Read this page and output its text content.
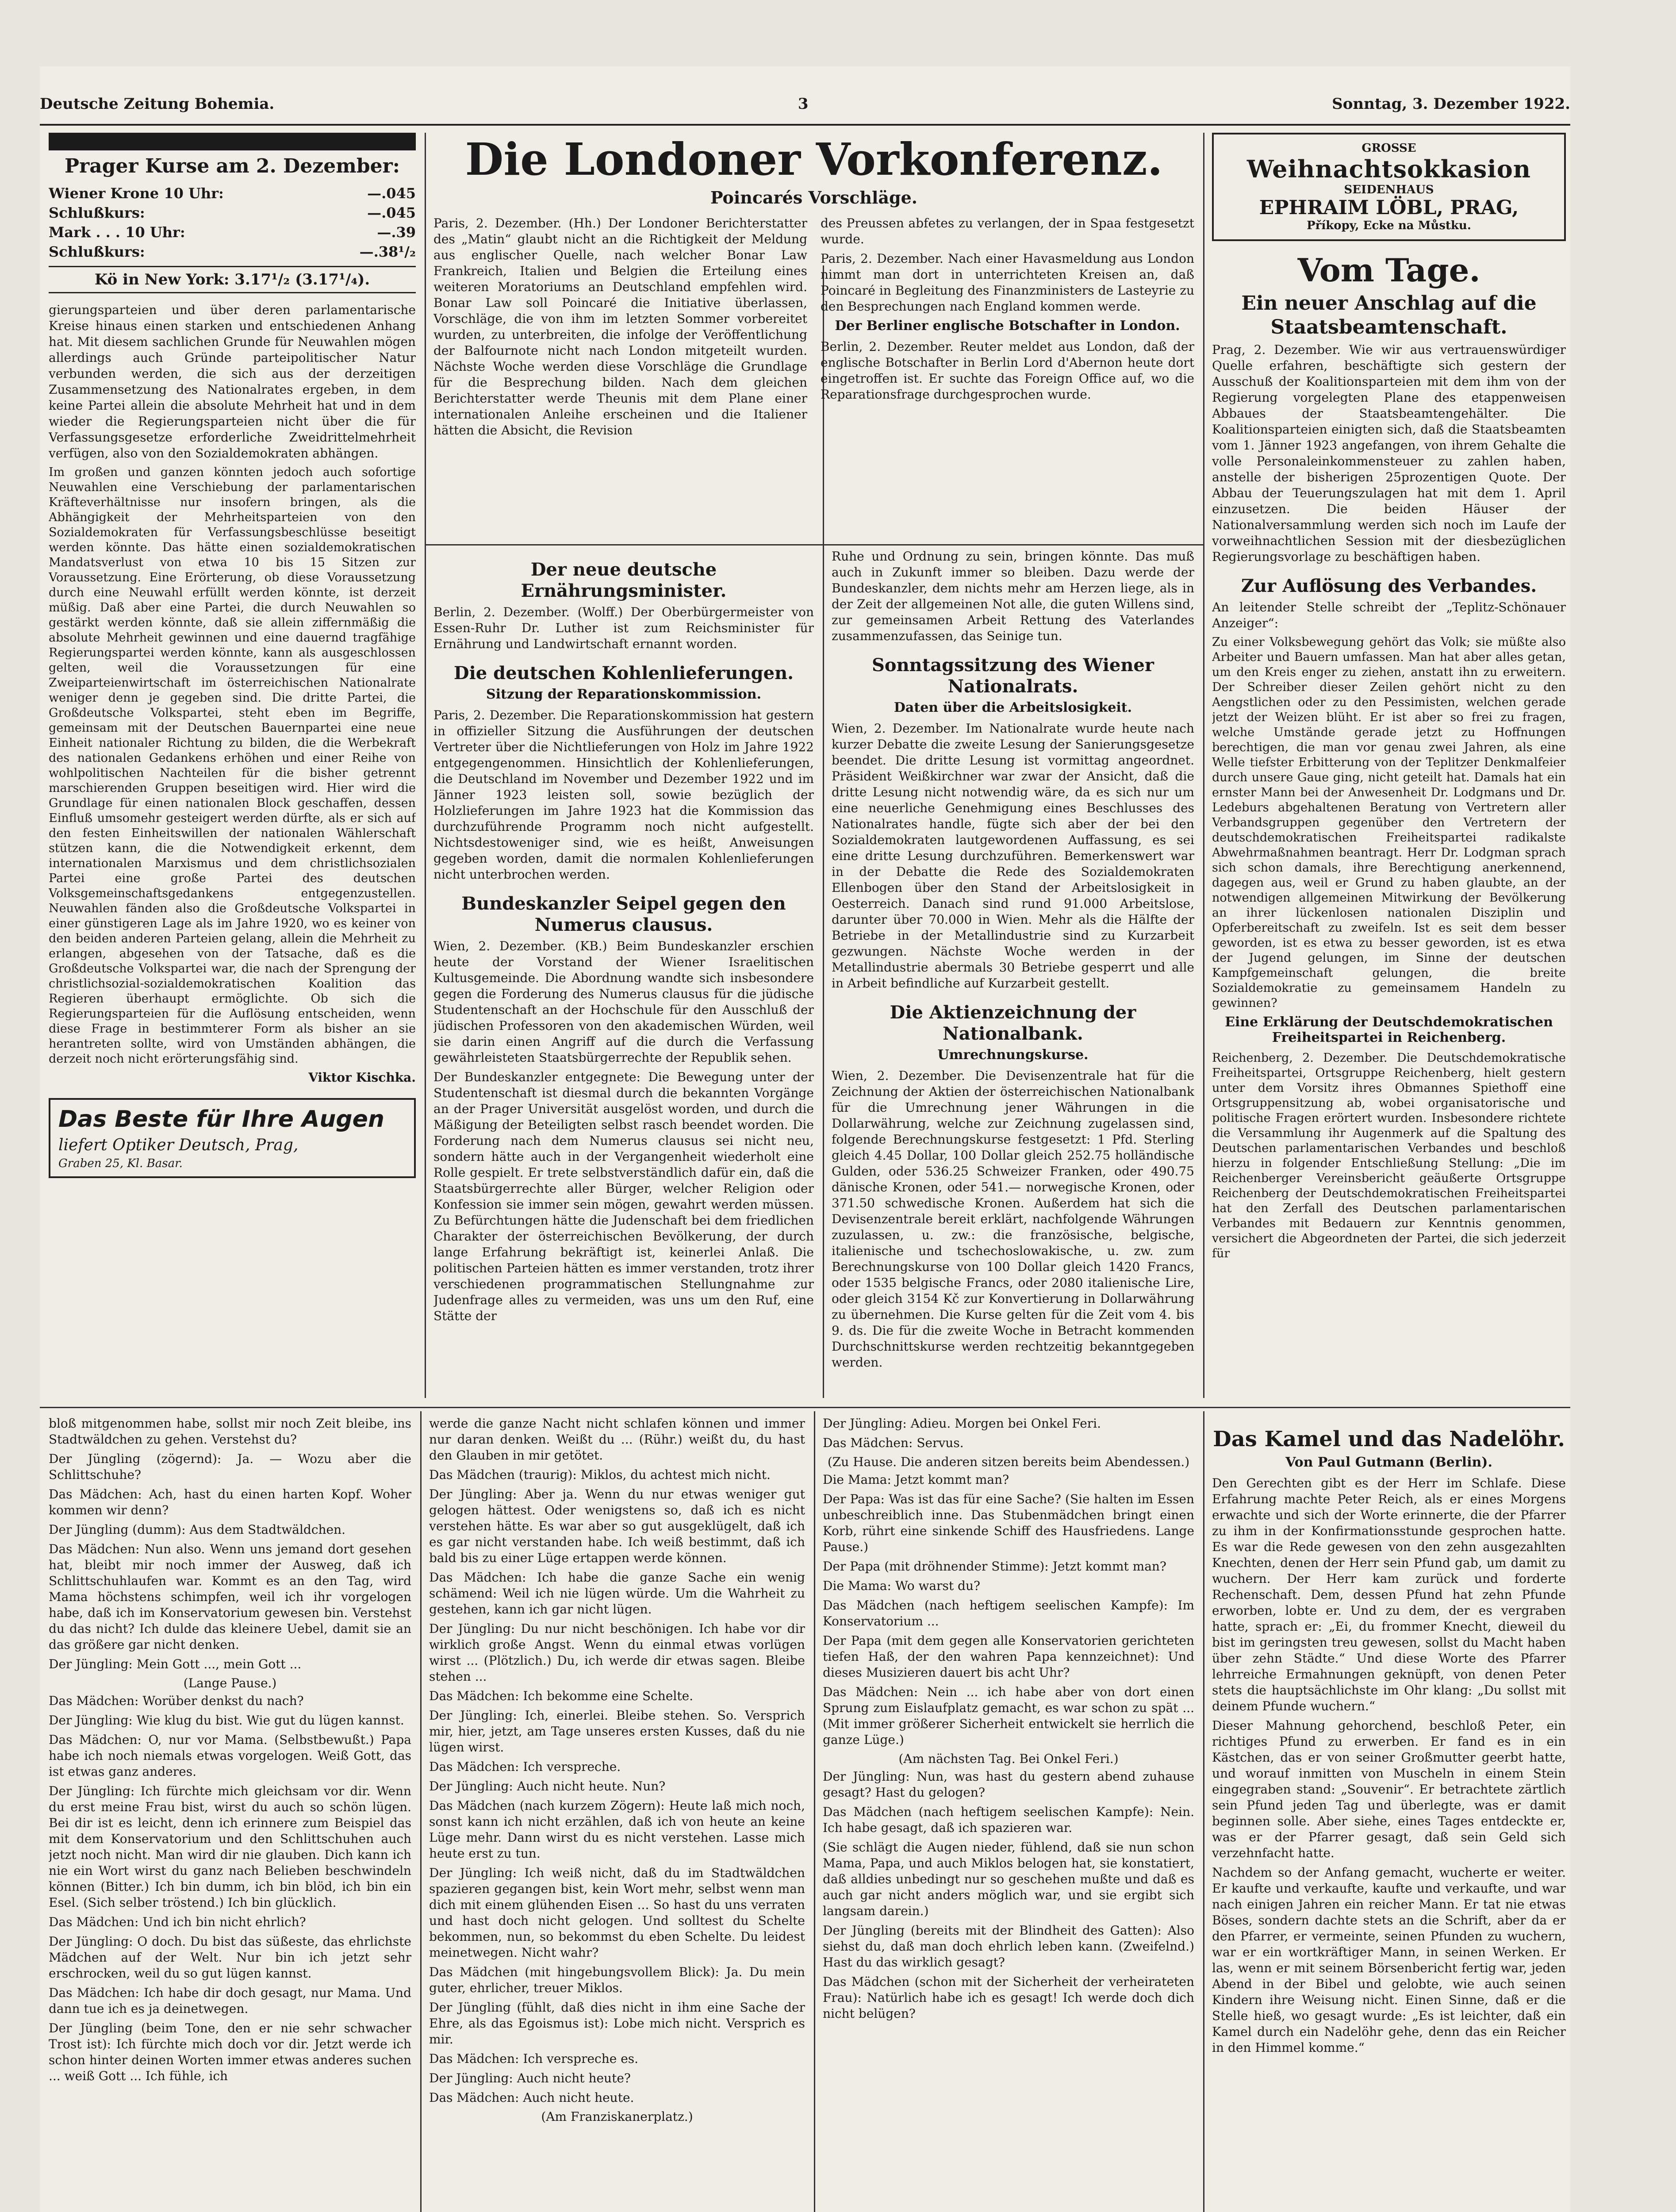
Deutsche Zeitung Bohemia.	3	Sonntag, 3. Dezember 1922.
Prager Kurse am 2. Dezember:
Wiener Krone 10 Uhr:	—.045
Schlußkurs:	—.045
Mark . . . 10 Uhr:	—.39
Schlußkurs:	—.38¹/₂
Kö in New York: 3.17¹/₂ (3.17¹/₄).

gierungsparteien und über deren parlamentarische Kreise hinaus einen starken und entschiedenen Anhang hat. Mit diesem sachlichen Grunde für Neuwahlen mögen allerdings auch Gründe parteipolitischer Natur verbunden werden, die sich aus der derzeitigen Zusammensetzung des Nationalrates ergeben, in dem keine Partei allein die absolute Mehrheit hat und in dem wieder die Regierungsparteien nicht über die für Verfassungsgesetze erforderliche Zweidrittelmehrheit verfügen, also von den Sozialdemokraten abhängen.

Im großen und ganzen könnten jedoch auch sofortige Neuwahlen eine Verschiebung der parlamentarischen Kräfteverhältnisse nur insofern bringen, als die Abhängigkeit der Mehrheitsparteien von den Sozialdemokraten für Verfassungsbeschlüsse beseitigt werden könnte. Das hätte einen sozialdemokratischen Mandatsverlust von etwa 10 bis 15 Sitzen zur Voraussetzung. Eine Erörterung, ob diese Voraussetzung durch eine Neuwahl erfüllt werden könnte, ist derzeit müßig. Daß aber eine Partei, die durch Neuwahlen so gestärkt werden könnte, daß sie allein ziffernmäßig die absolute Mehrheit gewinnen und eine dauernd tragfähige Regierungspartei werden könnte, kann als ausgeschlossen gelten, weil die Voraussetzungen für eine Zweiparteienwirtschaft im österreichischen Nationalrate weniger denn je gegeben sind. Die dritte Partei, die Großdeutsche Volkspartei, steht eben im Begriffe, gemeinsam mit der Deutschen Bauernpartei eine neue Einheit nationaler Richtung zu bilden, die die Werbekraft des nationalen Gedankens erhöhen und einer Reihe von wohlpolitischen Nachteilen für die bisher getrennt marschierenden Gruppen beseitigen wird. Hier wird die Grundlage für einen nationalen Block geschaffen, dessen Einfluß umsomehr gesteigert werden dürfte, als er sich auf den festen Einheitswillen der nationalen Wählerschaft stützen kann, die die Notwendigkeit erkennt, dem internationalen Marxismus und dem christlichsozialen Partei eine große Partei des deutschen Volksgemeinschaftsgedankens entgegenzustellen. Neuwahlen fänden also die Großdeutsche Volkspartei in einer günstigeren Lage als im Jahre 1920, wo es keiner von den beiden anderen Parteien gelang, allein die Mehrheit zu erlangen, abgesehen von der Tatsache, daß es die Großdeutsche Volkspartei war, die nach der Sprengung der christlichsozial-sozialdemokratischen Koalition das Regieren überhaupt ermöglichte. Ob sich die Regierungsparteien für die Auflösung entscheiden, wenn diese Frage in bestimmterer Form als bisher an sie herantreten sollte, wird von Umständen abhängen, die derzeit noch nicht erörterungsfähig sind.

Viktor Kischka.
Das Beste für Ihre Augen
liefert Optiker Deutsch, Prag,
Graben 25, Kl. Basar.
Die Londoner Vorkonferenz.
Poincarés Vorschläge.

Paris, 2. Dezember. (Hh.) Der Londoner Berichterstatter des „Matin“ glaubt nicht an die Richtigkeit der Meldung aus englischer Quelle, nach welcher Bonar Law Frankreich, Italien und Belgien die Erteilung eines weiteren Moratoriums an Deutschland empfehlen wird. Bonar Law soll Poincaré die Initiative überlassen, Vorschläge, die von ihm im letzten Sommer vorbereitet wurden, zu unterbreiten, die infolge der Veröffentlichung der Balfournote nicht nach London mitgeteilt wurden. Nächste Woche werden diese Vorschläge die Grundlage für die Besprechung bilden. Nach dem gleichen Berichterstatter werde Theunis mit dem Plane einer internationalen Anleihe erscheinen und die Italiener hätten die Absicht, die Revision

des Preussen abfetes zu verlangen, der in Spaa festgesetzt wurde.

Paris, 2. Dezember. Nach einer Havasmeldung aus London nimmt man dort in unterrichteten Kreisen an, daß Poincaré in Begleitung des Finanzministers de Lasteyrie zu den Besprechungen nach England kommen werde.

Der Berliner englische Botschafter in London.

Berlin, 2. Dezember. Reuter meldet aus London, daß der englische Botschafter in Berlin Lord d'Abernon heute dort eingetroffen ist. Er suchte das Foreign Office auf, wo die Reparationsfrage durchgesprochen wurde.

Der neue deutsche Ernährungsminister.

Berlin, 2. Dezember. (Wolff.) Der Oberbürgermeister von Essen-Ruhr Dr. Luther ist zum Reichsminister für Ernährung und Landwirtschaft ernannt worden.

Die deutschen Kohlenlieferungen.
Sitzung der Reparationskommission.

Paris, 2. Dezember. Die Reparationskommission hat gestern in offizieller Sitzung die Ausführungen der deutschen Vertreter über die Nichtlieferungen von Holz im Jahre 1922 entgegengenommen. Hinsichtlich der Kohlenlieferungen, die Deutschland im November und Dezember 1922 und im Jänner 1923 leisten soll, sowie bezüglich der Holzlieferungen im Jahre 1923 hat die Kommission das durchzuführende Programm noch nicht aufgestellt. Nichtsdestoweniger sind, wie es heißt, Anweisungen gegeben worden, damit die normalen Kohlenlieferungen nicht unterbrochen werden.

Bundeskanzler Seipel gegen den Numerus clausus.

Wien, 2. Dezember. (KB.) Beim Bundeskanzler erschien heute der Vorstand der Wiener Israelitischen Kultusgemeinde. Die Abordnung wandte sich insbesondere gegen die Forderung des Numerus clausus für die jüdische Studentenschaft an der Hochschule für den Ausschluß der jüdischen Professoren von den akademischen Würden, weil sie darin einen Angriff auf die durch die Verfassung gewährleisteten Staatsbürgerrechte der Republik sehen.

Der Bundeskanzler entgegnete: Die Bewegung unter der Studentenschaft ist diesmal durch die bekannten Vorgänge an der Prager Universität ausgelöst worden, und durch die Mäßigung der Beteiligten selbst rasch beendet worden. Die Forderung nach dem Numerus clausus sei nicht neu, sondern hätte auch in der Vergangenheit wiederholt eine Rolle gespielt. Er trete selbstverständlich dafür ein, daß die Staatsbürgerrechte aller Bürger, welcher Religion oder Konfession sie immer sein mögen, gewahrt werden müssen. Zu Befürchtungen hätte die Judenschaft bei dem friedlichen Charakter der österreichischen Bevölkerung, der durch lange Erfahrung bekräftigt ist, keinerlei Anlaß. Die politischen Parteien hätten es immer verstanden, trotz ihrer verschiedenen programmatischen Stellungnahme zur Judenfrage alles zu vermeiden, was uns um den Ruf, eine Stätte der

Ruhe und Ordnung zu sein, bringen könnte. Das muß auch in Zukunft immer so bleiben. Dazu werde der Bundeskanzler, dem nichts mehr am Herzen liege, als in der Zeit der allgemeinen Not alle, die guten Willens sind, zur gemeinsamen Arbeit Rettung des Vaterlandes zusammenzufassen, das Seinige tun.

Sonntagssitzung des Wiener Nationalrats.
Daten über die Arbeitslosigkeit.

Wien, 2. Dezember. Im Nationalrate wurde heute nach kurzer Debatte die zweite Lesung der Sanierungsgesetze beendet. Die dritte Lesung ist vormittag angeordnet. Präsident Weißkirchner war zwar der Ansicht, daß die dritte Lesung nicht notwendig wäre, da es sich nur um eine neuerliche Genehmigung eines Beschlusses des Nationalrates handle, fügte sich aber der bei den Sozialdemokraten lautgewordenen Auffassung, es sei eine dritte Lesung durchzuführen. Bemerkenswert war in der Debatte die Rede des Sozialdemokraten Ellenbogen über den Stand der Arbeitslosigkeit in Oesterreich. Danach sind rund 91.000 Arbeitslose, darunter über 70.000 in Wien. Mehr als die Hälfte der Betriebe in der Metallindustrie sind zu Kurzarbeit gezwungen. Nächste Woche werden in der Metallindustrie abermals 30 Betriebe gesperrt und alle in Arbeit befindliche auf Kurzarbeit gestellt.

Die Aktienzeichnung der Nationalbank.
Umrechnungskurse.

Wien, 2. Dezember. Die Devisenzentrale hat für die Zeichnung der Aktien der österreichischen Nationalbank für die Umrechnung jener Währungen in die Dollarwährung, welche zur Zeichnung zugelassen sind, folgende Berechnungskurse festgesetzt: 1 Pfd. Sterling gleich 4.45 Dollar, 100 Dollar gleich 252.75 holländische Gulden, oder 536.25 Schweizer Franken, oder 490.75 dänische Kronen, oder 541.— norwegische Kronen, oder 371.50 schwedische Kronen. Außerdem hat sich die Devisenzentrale bereit erklärt, nachfolgende Währungen zuzulassen, u. zw.: die französische, belgische, italienische und tschechoslowakische, u. zw. zum Berechnungskurse von 100 Dollar gleich 1420 Francs, oder 1535 belgische Francs, oder 2080 italienische Lire, oder gleich 3154 Kč zur Konvertierung in Dollarwährung zu übernehmen. Die Kurse gelten für die Zeit vom 4. bis 9. ds. Die für die zweite Woche in Betracht kommenden Durchschnittskurse werden rechtzeitig bekanntgegeben werden.

GROSSE
Weihnachtsokkasion
SEIDENHAUS
EPHRAIM LÖBL, PRAG,
Příkopy, Ecke na Můstku.
Vom Tage.
Ein neuer Anschlag auf die Staatsbeamtenschaft.

Prag, 2. Dezember. Wie wir aus vertrauenswürdiger Quelle erfahren, beschäftigte sich gestern der Ausschuß der Koalitionsparteien mit dem ihm von der Regierung vorgelegten Plane des etappenweisen Abbaues der Staatsbeamtengehälter. Die Koalitionsparteien einigten sich, daß die Staatsbeamten vom 1. Jänner 1923 angefangen, von ihrem Gehalte die volle Personaleinkommensteuer zu zahlen haben, anstelle der bisherigen 25prozentigen Quote. Der Abbau der Teuerungszulagen hat mit dem 1. April einzusetzen. Die beiden Häuser der Nationalversammlung werden sich noch im Laufe der vorweihnachtlichen Session mit der diesbezüglichen Regierungsvorlage zu beschäftigen haben.

Zur Auflösung des Verbandes.

An leitender Stelle schreibt der „Teplitz-Schönauer Anzeiger“:

Zu einer Volksbewegung gehört das Volk; sie müßte also Arbeiter und Bauern umfassen. Man hat aber alles getan, um den Kreis enger zu ziehen, anstatt ihn zu erweitern. Der Schreiber dieser Zeilen gehört nicht zu den Aengstlichen oder zu den Pessimisten, welchen gerade jetzt der Weizen blüht. Er ist aber so frei zu fragen, welche Umstände gerade jetzt zu Hoffnungen berechtigen, die man vor genau zwei Jahren, als eine Welle tiefster Erbitterung von der Teplitzer Denkmalfeier durch unsere Gaue ging, nicht geteilt hat. Damals hat ein ernster Mann bei der Anwesenheit Dr. Lodgmans und Dr. Ledeburs abgehaltenen Beratung von Vertretern aller Verbandsgruppen gegenüber den Vertretern der deutschdemokratischen Freiheitspartei radikalste Abwehrmaßnahmen beantragt. Herr Dr. Lodgman sprach sich schon damals, ihre Berechtigung anerkennend, dagegen aus, weil er Grund zu haben glaubte, an der notwendigen allgemeinen Mitwirkung der Bevölkerung an ihrer lückenlosen nationalen Disziplin und Opferbereitschaft zu zweifeln. Ist es seit dem besser geworden, ist es etwa zu besser geworden, ist es etwa der Jugend gelungen, im Sinne der deutschen Kampfgemeinschaft gelungen, die breite Sozialdemokratie zu gemeinsamem Handeln zu gewinnen?

Eine Erklärung der Deutschdemokratischen Freiheitspartei in Reichenberg.

Reichenberg, 2. Dezember. Die Deutschdemokratische Freiheitspartei, Ortsgruppe Reichenberg, hielt gestern unter dem Vorsitz ihres Obmannes Spiethoff eine Ortsgruppensitzung ab, wobei organisatorische und politische Fragen erörtert wurden. Insbesondere richtete die Versammlung ihr Augenmerk auf die Spaltung des Deutschen parlamentarischen Verbandes und beschloß hierzu in folgender Entschließung Stellung: „Die im Reichenberger Vereinsbericht geäußerte Ortsgruppe Reichenberg der Deutschdemokratischen Freiheitspartei hat den Zerfall des Deutschen parlamentarischen Verbandes mit Bedauern zur Kenntnis genommen, versichert die Abgeordneten der Partei, die sich jederzeit für

bloß mitgenommen habe, sollst mir noch Zeit bleibe, ins Stadtwäldchen zu gehen. Verstehst du?

Der Jüngling (zögernd): Ja. — Wozu aber die Schlittschuhe?

Das Mädchen: Ach, hast du einen harten Kopf. Woher kommen wir denn?

Der Jüngling (dumm): Aus dem Stadtwäldchen.

Das Mädchen: Nun also. Wenn uns jemand dort gesehen hat, bleibt mir noch immer der Ausweg, daß ich Schlittschuhlaufen war. Kommt es an den Tag, wird Mama höchstens schimpfen, weil ich ihr vorgelogen habe, daß ich im Konservatorium gewesen bin. Verstehst du das nicht? Ich dulde das kleinere Uebel, damit sie an das größere gar nicht denken.

Der Jüngling: Mein Gott ..., mein Gott ...

(Lange Pause.)

Das Mädchen: Worüber denkst du nach?

Der Jüngling: Wie klug du bist. Wie gut du lügen kannst.

Das Mädchen: O, nur vor Mama. (Selbstbewußt.) Papa habe ich noch niemals etwas vorgelogen. Weiß Gott, das ist etwas ganz anderes.

Der Jüngling: Ich fürchte mich gleichsam vor dir. Wenn du erst meine Frau bist, wirst du auch so schön lügen. Bei dir ist es leicht, denn ich erinnere zum Beispiel das mit dem Konservatorium und den Schlittschuhen auch jetzt noch nicht. Man wird dir nie glauben. Dich kann ich nie ein Wort wirst du ganz nach Belieben beschwindeln können (Bitter.) Ich bin dumm, ich bin blöd, ich bin ein Esel. (Sich selber tröstend.) Ich bin glücklich.

Das Mädchen: Und ich bin nicht ehrlich?

Der Jüngling: O doch. Du bist das süßeste, das ehrlichste Mädchen auf der Welt. Nur bin ich jetzt sehr erschrocken, weil du so gut lügen kannst.

Das Mädchen: Ich habe dir doch gesagt, nur Mama. Und dann tue ich es ja deinetwegen.

Der Jüngling (beim Tone, den er nie sehr schwacher Trost ist): Ich fürchte mich doch vor dir. Jetzt werde ich schon hinter deinen Worten immer etwas anderes suchen ... weiß Gott ... Ich fühle, ich

werde die ganze Nacht nicht schlafen können und immer nur daran denken. Weißt du ... (Rühr.) weißt du, du hast den Glauben in mir getötet.

Das Mädchen (traurig): Miklos, du achtest mich nicht.

Der Jüngling: Aber ja. Wenn du nur etwas weniger gut gelogen hättest. Oder wenigstens so, daß ich es nicht verstehen hätte. Es war aber so gut ausgeklügelt, daß ich es gar nicht verstanden habe. Ich weiß bestimmt, daß ich bald bis zu einer Lüge ertappen werde können.

Das Mädchen: Ich habe die ganze Sache ein wenig schämend: Weil ich nie lügen würde. Um die Wahrheit zu gestehen, kann ich gar nicht lügen.

Der Jüngling: Du nur nicht beschönigen. Ich habe vor dir wirklich große Angst. Wenn du einmal etwas vorlügen wirst ... (Plötzlich.) Du, ich werde dir etwas sagen. Bleibe stehen ...

Das Mädchen: Ich bekomme eine Schelte.

Der Jüngling: Ich, einerlei. Bleibe stehen. So. Versprich mir, hier, jetzt, am Tage unseres ersten Kusses, daß du nie lügen wirst.

Das Mädchen: Ich verspreche.

Der Jüngling: Auch nicht heute. Nun?

Das Mädchen (nach kurzem Zögern): Heute laß mich noch, sonst kann ich nicht erzählen, daß ich von heute an keine Lüge mehr. Dann wirst du es nicht verstehen. Lasse mich heute erst zu tun.

Der Jüngling: Ich weiß nicht, daß du im Stadtwäldchen spazieren gegangen bist, kein Wort mehr, selbst wenn man dich mit einem glühenden Eisen ... So hast du uns verraten und hast doch nicht gelogen. Und solltest du Schelte bekommen, nun, so bekommst du eben Schelte. Du leidest meinetwegen. Nicht wahr?

Das Mädchen (mit hingebungsvollem Blick): Ja. Du mein guter, ehrlicher, treuer Miklos.

Der Jüngling (fühlt, daß dies nicht in ihm eine Sache der Ehre, als das Egoismus ist): Lobe mich nicht. Versprich es mir.

Das Mädchen: Ich verspreche es.

Der Jüngling: Auch nicht heute?

Das Mädchen: Auch nicht heute.

(Am Franziskanerplatz.)

Der Jüngling: Adieu. Morgen bei Onkel Feri.

Das Mädchen: Servus.

(Zu Hause. Die anderen sitzen bereits beim Abendessen.)

Die Mama: Jetzt kommt man?

Der Papa: Was ist das für eine Sache? (Sie halten im Essen unbeschreiblich inne. Das Stubenmädchen bringt einen Korb, rührt eine sinkende Schiff des Hausfriedens. Lange Pause.)

Der Papa (mit dröhnender Stimme): Jetzt kommt man?

Die Mama: Wo warst du?

Das Mädchen (nach heftigem seelischen Kampfe): Im Konservatorium ...

Der Papa (mit dem gegen alle Konservatorien gerichteten tiefen Haß, der den wahren Papa kennzeichnet): Und dieses Musizieren dauert bis acht Uhr?

Das Mädchen: Nein ... ich habe aber von dort einen Sprung zum Eislaufplatz gemacht, es war schon zu spät ... (Mit immer größerer Sicherheit entwickelt sie herrlich die ganze Lüge.)

(Am nächsten Tag. Bei Onkel Feri.)

Der Jüngling: Nun, was hast du gestern abend zuhause gesagt? Hast du gelogen?

Das Mädchen (nach heftigem seelischen Kampfe): Nein. Ich habe gesagt, daß ich spazieren war.

(Sie schlägt die Augen nieder, fühlend, daß sie nun schon Mama, Papa, und auch Miklos belogen hat, sie konstatiert, daß alldies unbedingt nur so geschehen mußte und daß es auch gar nicht anders möglich war, und sie ergibt sich langsam darein.)

Der Jüngling (bereits mit der Blindheit des Gatten): Also siehst du, daß man doch ehrlich leben kann. (Zweifelnd.) Hast du das wirklich gesagt?

Das Mädchen (schon mit der Sicherheit der verheirateten Frau): Natürlich habe ich es gesagt! Ich werde doch dich nicht belügen?

Das Kamel und das Nadelöhr.
Von Paul Gutmann (Berlin).

Den Gerechten gibt es der Herr im Schlafe. Diese Erfahrung machte Peter Reich, als er eines Morgens erwachte und sich der Worte erinnerte, die der Pfarrer zu ihm in der Konfirmationsstunde gesprochen hatte. Es war die Rede gewesen von den zehn ausgezahlten Knechten, denen der Herr sein Pfund gab, um damit zu wuchern. Der Herr kam zurück und forderte Rechenschaft. Dem, dessen Pfund hat zehn Pfunde erworben, lobte er. Und zu dem, der es vergraben hatte, sprach er: „Ei, du frommer Knecht, dieweil du bist im geringsten treu gewesen, sollst du Macht haben über zehn Städte.“ Und diese Worte des Pfarrer lehrreiche Ermahnungen geknüpft, von denen Peter stets die hauptsächlichste im Ohr klang: „Du sollst mit deinem Pfunde wuchern.“

Dieser Mahnung gehorchend, beschloß Peter, ein richtiges Pfund zu erwerben. Er fand es in ein Kästchen, das er von seiner Großmutter geerbt hatte, und worauf inmitten von Muscheln in einem Stein eingegraben stand: „Souvenir“. Er betrachtete zärtlich sein Pfund jeden Tag und überlegte, was er damit beginnen solle. Aber siehe, eines Tages entdeckte er, was er der Pfarrer gesagt, daß sein Geld sich verzehnfacht hatte.

Nachdem so der Anfang gemacht, wucherte er weiter. Er kaufte und verkaufte, kaufte und verkaufte, und war nach einigen Jahren ein reicher Mann. Er tat nie etwas Böses, sondern dachte stets an die Schrift, aber da er den Pfarrer, er vermeinte, seinen Pfunden zu wuchern, war er ein wortkräftiger Mann, in seinen Werken. Er las, wenn er mit seinem Börsenbericht fertig war, jeden Abend in der Bibel und gelobte, wie auch seinen Kindern ihre Weisung nicht. Einen Sinne, daß er die Stelle hieß, wo gesagt wurde: „Es ist leichter, daß ein Kamel durch ein Nadelöhr gehe, denn das ein Reicher in den Himmel komme.“
